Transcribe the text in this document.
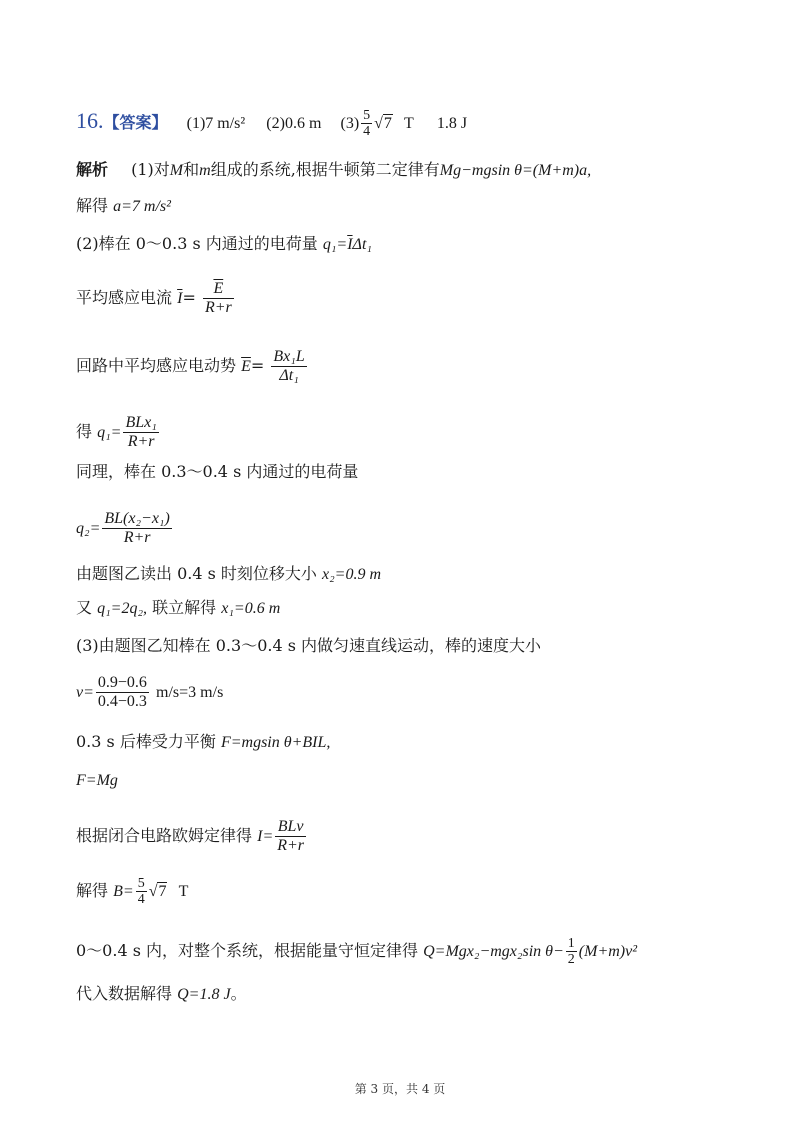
16.【答案】 (1)7 m/s² (2)0.6 m $(3) \frac{5}{4} √7$ T 1.8 J
解析 (1)对M和m组成的系统,根据牛顿第二定律有Mg−mgsin θ=(M+m)a,
解得 a=7 m/s²
(2)棒在 0～0.3 s 内通过的电荷量 $q_1=\overline{I}\Delta t_1$
平均感应电流 $\overline{I}= \frac{\overline{E}}{R+r}$
回路中平均感应电动势 $\overline{E}= \frac{\text{Bx₁L}}{\text{Δt₁}}$
得 $q_1= \frac{\text{BLx₁}}{R+r}$
同理，棒在 0.3～0.4 s 内通过的电荷量
$q_2= \frac{\text{BL(x₂−x₁)}}{R+r}$
由题图乙读出 0.4 s 时刻位移大小 x₂=0.9 m
又 q₁=2q₂, 联立解得 x₁=0.6 m
(3)由题图乙知棒在 0.3～0.4 s 内做匀速直线运动，棒的速度大小
$v= \frac{0.9-0.6}{0.4-0.3} m/s=3$ m/s
0.3 s 后棒受力平衡 F=mgsin θ+BIL,
F=Mg
根据闭合电路欧姆定律得 $I= \frac{\text{BLv}}{R+r}$
解得 $B= \frac{5}{4} √7$ T
0～0.4 s 内，对整个系统，根据能量守恒定律得 Q=Mgx₂−mgx₂sin $\theta- \frac{1}{2} (M+m)v^2$
代入数据解得 Q=1.8 J。
第 3 页，共 4 页
